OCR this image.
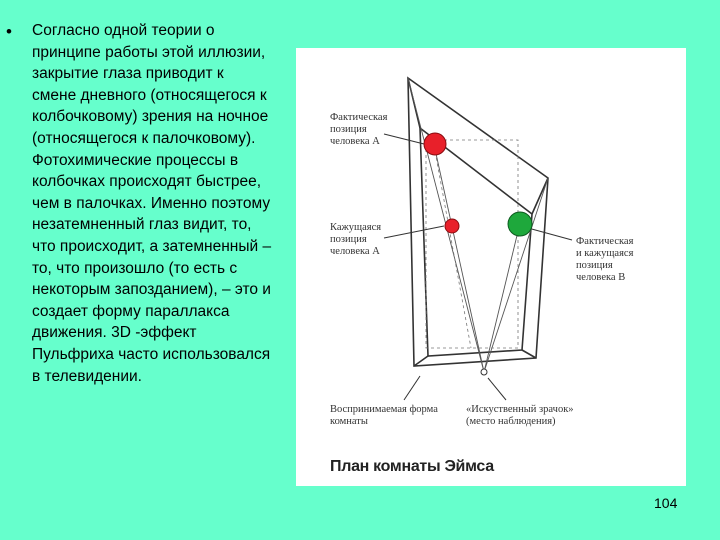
• Согласно одной теории о принципе работы этой иллюзии, закрытие глаза приводит к смене дневного (относящегося к колбочковому) зрения на ночное (относящегося к палочковому). Фотохимические процессы в колбочках происходят быстрее, чем в палочках. Именно поэтому незатемненный глаз видит, то, что происходит, а затемненный – то, что произошло (то есть с некоторым запозданием), – это и создает форму параллакса движения. 3D -эффект Пульфриха часто использовался в телевидении.
Фактическая
позиция
человека А
Кажущаяся
позиция
человека А
Фактическая
и кажущаяся
позиция
человека В
Воспринимаемая форма
комнаты
«Искуственный зрачок»
(место наблюдения)
План комнаты Эймса
104
